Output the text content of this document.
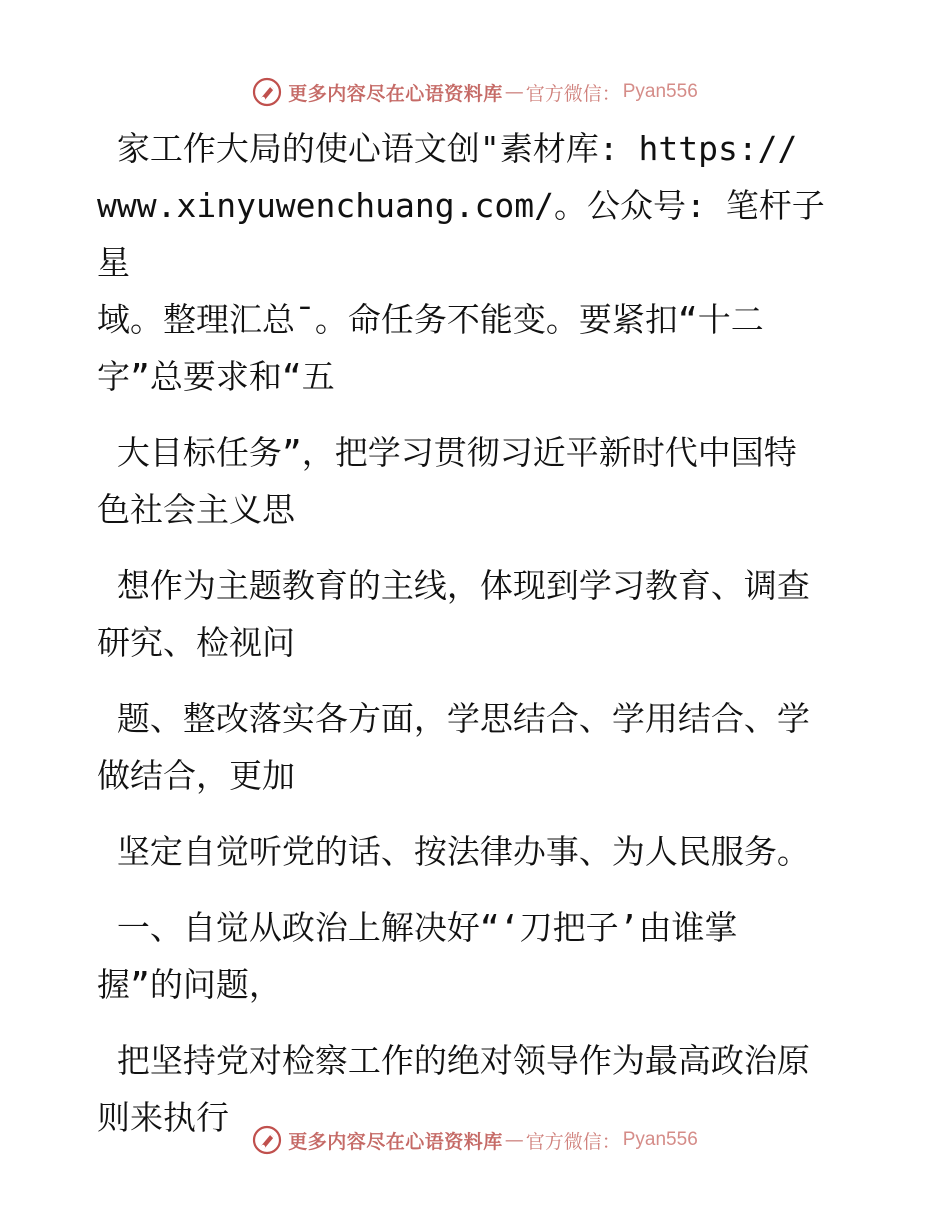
更多内容尽在心语资料库 — 官方微信： Pyan556

家工作大局的使心语文创"素材库: https://
www.xinyuwenchuang.com/。公众号: 笔杆子星
域。整理汇总¯。命任务不能变。要紧扣“十二
字”总要求和“五

大目标任务”，把学习贯彻习近平新时代中国特
色社会主义思

想作为主题教育的主线，体现到学习教育、调查
研究、检视问

题、整改落实各方面，学思结合、学用结合、学
做结合，更加

坚定自觉听党的话、按法律办事、为人民服务。

一、自觉从政治上解决好“‘刀把子’由谁掌
握”的问题，

把坚持党对检察工作的绝对领导作为最高政治原
则来执行

更多内容尽在心语资料库 — 官方微信： Pyan556
